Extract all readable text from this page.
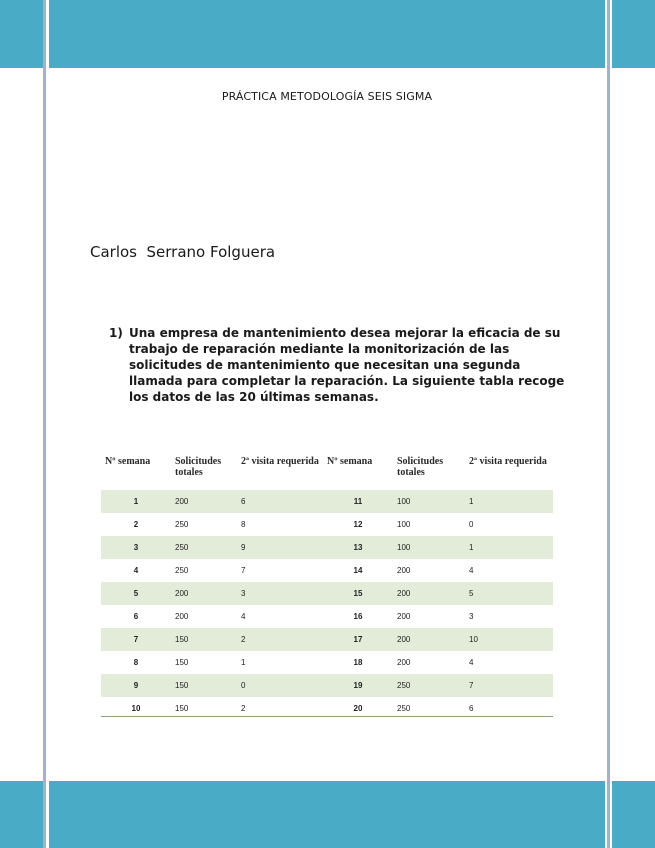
PRÁCTICA METODOLOGÍA SEIS SIGMA
Carlos  Serrano Folguera
1) Una empresa de mantenimiento desea mejorar la eficacia de su trabajo de reparación mediante la monitorización de las solicitudes de mantenimiento que necesitan una segunda llamada para completar la reparación. La siguiente tabla recoge los datos de las 20 últimas semanas.
Nº semana	Solicitudes totales	2ª visita requerida	Nº semana	Solicitudes totales	2ª visita requerida
1	200	6	11	100	1
2	250	8	12	100	0
3	250	9	13	100	1
4	250	7	14	200	4
5	200	3	15	200	5
6	200	4	16	200	3
7	150	2	17	200	10
8	150	1	18	200	4
9	150	0	19	250	7
10	150	2	20	250	6
